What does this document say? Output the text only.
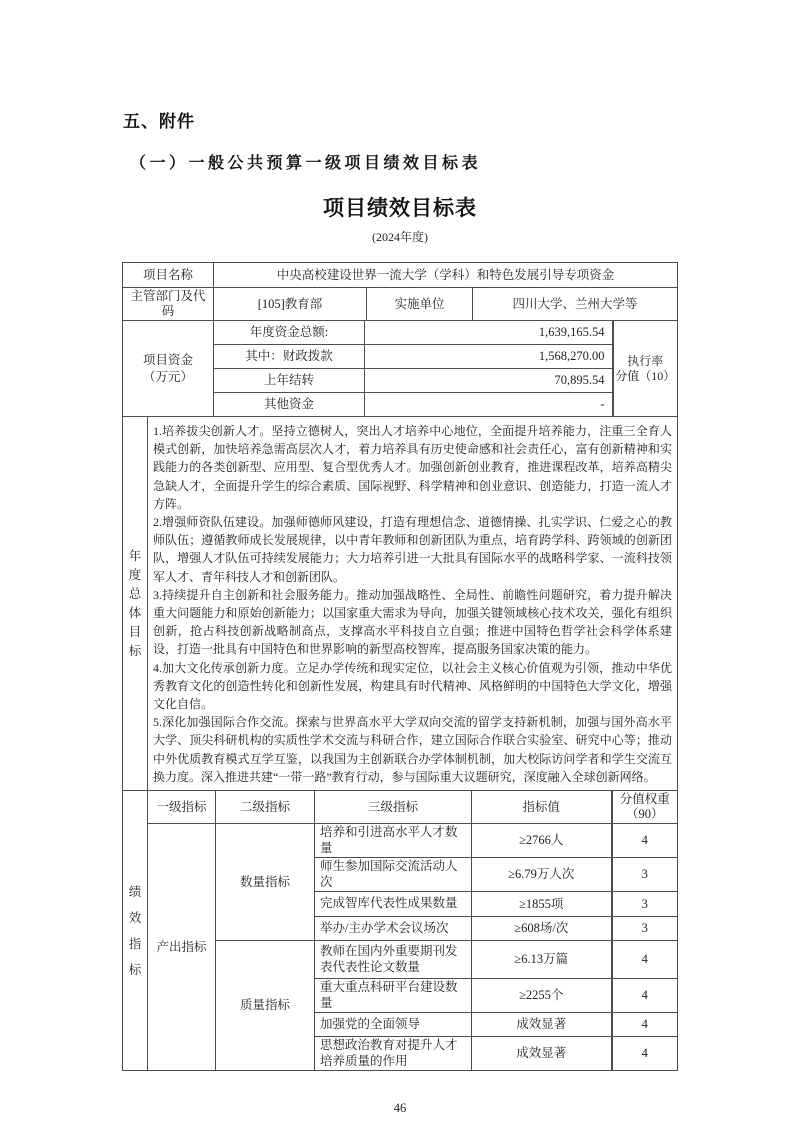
五、附件
（一）一般公共预算一级项目绩效目标表
项目绩效目标表
(2024年度)
项目名称	中央高校建设世界一流大学（学科）和特色发展引导专项资金		
主管部门及代码	[105]教育部	实施单位	四川大学、兰州大学等
项目资金
（万元）
	年度资金总额:	1,639,165.54	
执行率
分值（10）

	其中：财政拨款	1,568,270.00	
	上年结转	70,895.54	
	其他资金	-	
年度总体目标

1.培养拔尖创新人才。坚持立德树人，突出人才培养中心地位，全面提升培养能力，注重三全育人模式创新，加快培养急需高层次人才，着力培养具有历史使命感和社会责任心，富有创新精神和实践能力的各类创新型、应用型、复合型优秀人才。加强创新创业教育，推进课程改革，培养高精尖急缺人才，全面提升学生的综合素质、国际视野、科学精神和创业意识、创造能力，打造一流人才方阵。

2.增强师资队伍建设。加强师德师风建设，打造有理想信念、道德情操、扎实学识、仁爱之心的教师队伍；遵循教师成长发展规律，以中青年教师和创新团队为重点，培育跨学科、跨领域的创新团队，增强人才队伍可持续发展能力；大力培养引进一大批具有国际水平的战略科学家、一流科技领军人才、青年科技人才和创新团队。

3.持续提升自主创新和社会服务能力。推动加强战略性、全局性、前瞻性问题研究，着力提升解决重大问题能力和原始创新能力；以国家重大需求为导向，加强关键领域核心技术攻关，强化有组织创新，抢占科技创新战略制高点，支撑高水平科技自立自强；推进中国特色哲学社会科学体系建设，打造一批具有中国特色和世界影响的新型高校智库，提高服务国家决策的能力。

4.加大文化传承创新力度。立足办学传统和现实定位，以社会主义核心价值观为引领，推动中华优秀教育文化的创造性转化和创新性发展，构建具有时代精神、风格鲜明的中国特色大学文化，增强文化自信。

5.深化加强国际合作交流。探索与世界高水平大学双向交流的留学支持新机制，加强与国外高水平大学、顶尖科研机构的实质性学术交流与科研合作，建立国际合作联合实验室、研究中心等；推动中外优质教育模式互学互鉴，以我国为主创新联合办学体制机制，加大校际访问学者和学生交流互换力度。深入推进共建“一带一路”教育行动，参与国际重大议题研究，深度融入全球创新网络。

绩效指标	一级指标	二级指标	三级指标	指标值	分值权重（90）
	产出指标	数量指标	培养和引进高水平人才数量	≥2766人	4
			师生参加国际交流活动人次	≥6.79万人次	3
			完成智库代表性成果数量	≥1855项	3
			举办/主办学术会议场次	≥608场/次	3
		质量指标	教师在国内外重要期刊发表代表性论文数量	≥6.13万篇	4
			重大重点科研平台建设数量	≥2255个	4
			加强党的全面领导	成效显著	4
			思想政治教育对提升人才培养质量的作用	成效显著	4
46
